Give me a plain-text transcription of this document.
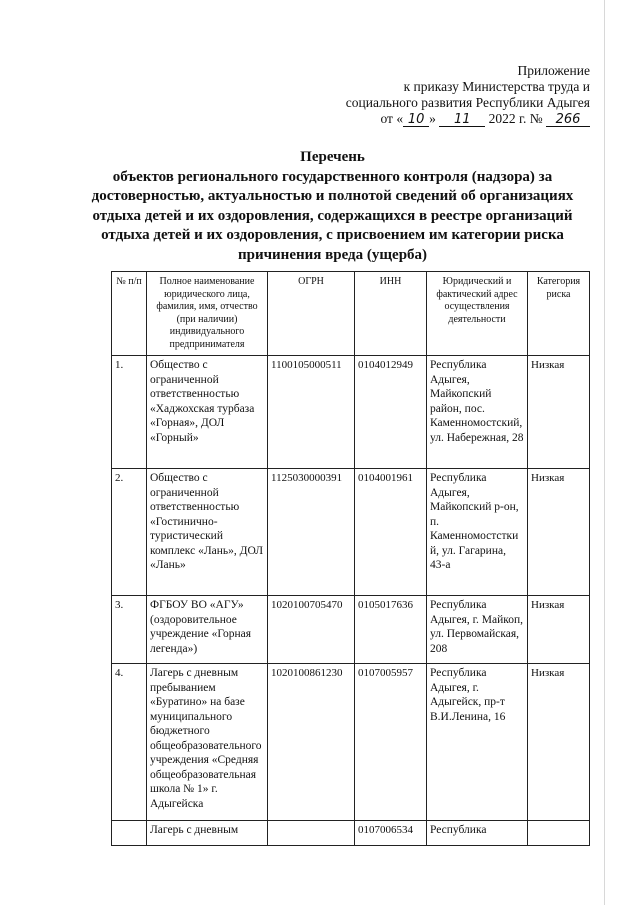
Приложение
к приказу Министерства труда и
социального развития Республики Адыгея
от « 10 » 11 2022 г. № 266
Перечень
объектов регионального государственного контроля (надзора) за
достоверностью, актуальностью и полнотой сведений об организациях
отдыха детей и их оздоровления, содержащихся в реестре организаций
отдыха детей и их оздоровления, с присвоением им категории риска
причинения вреда (ущерба)
№ п/п	Полное наименование юридического лица, фамилия, имя, отчество (при наличии) индивидуального предпринимателя	ОГРН	ИНН	Юридический и фактический адрес осуществления деятельности	Категория риска
1.	Общество с ограниченной ответственностью «Хаджохская турбаза «Горная», ДОЛ «Горный»	1100105000511	0104012949	Республика Адыгея, Майкопский район, пос. Каменномостский, ул. Набережная, 28	Низкая
2.	Общество с ограниченной ответственностью «Гостинично-туристический комплекс «Лань», ДОЛ «Лань»	1125030000391	0104001961	Республика Адыгея, Майкопский р-он, п. Каменномостстки й, ул. Гагарина, 43-а	Низкая
3.	ФГБОУ ВО «АГУ» (оздоровительное учреждение «Горная легенда»)	1020100705470	0105017636	Республика Адыгея, г. Майкоп, ул. Первомайская, 208	Низкая
4.	Лагерь с дневным пребыванием «Буратино» на базе муниципального бюджетного общеобразовательного учреждения «Средняя общеобразовательная школа № 1» г. Адыгейска	1020100861230	0107005957	Республика Адыгея, г. Адыгейск, пр-т В.И.Ленина, 16	Низкая
	Лагерь с дневным		0107006534	Республика	
